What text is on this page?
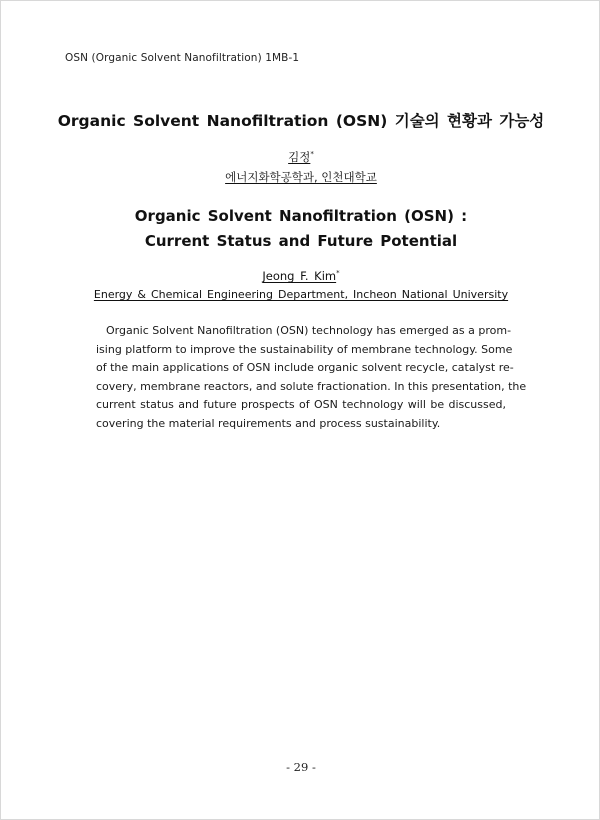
OSN (Organic Solvent Nanofiltration) 1MB-1
Organic Solvent Nanofiltration (OSN) 기술의 현황과 가능성
김정*
에너지화학공학과, 인천대학교
Organic Solvent Nanofiltration (OSN) :
Current Status and Future Potential
Jeong F. Kim*
Energy & Chemical Engineering Department, Incheon National University
Organic Solvent Nanofiltration (OSN) technology has emerged as a prom-
ising platform to improve the sustainability of membrane technology. Some
of the main applications of OSN include organic solvent recycle, catalyst re-
covery, membrane reactors, and solute fractionation. In this presentation, the
current status and future prospects of OSN technology will be discussed,
covering the material requirements and process sustainability.
- 29 -
